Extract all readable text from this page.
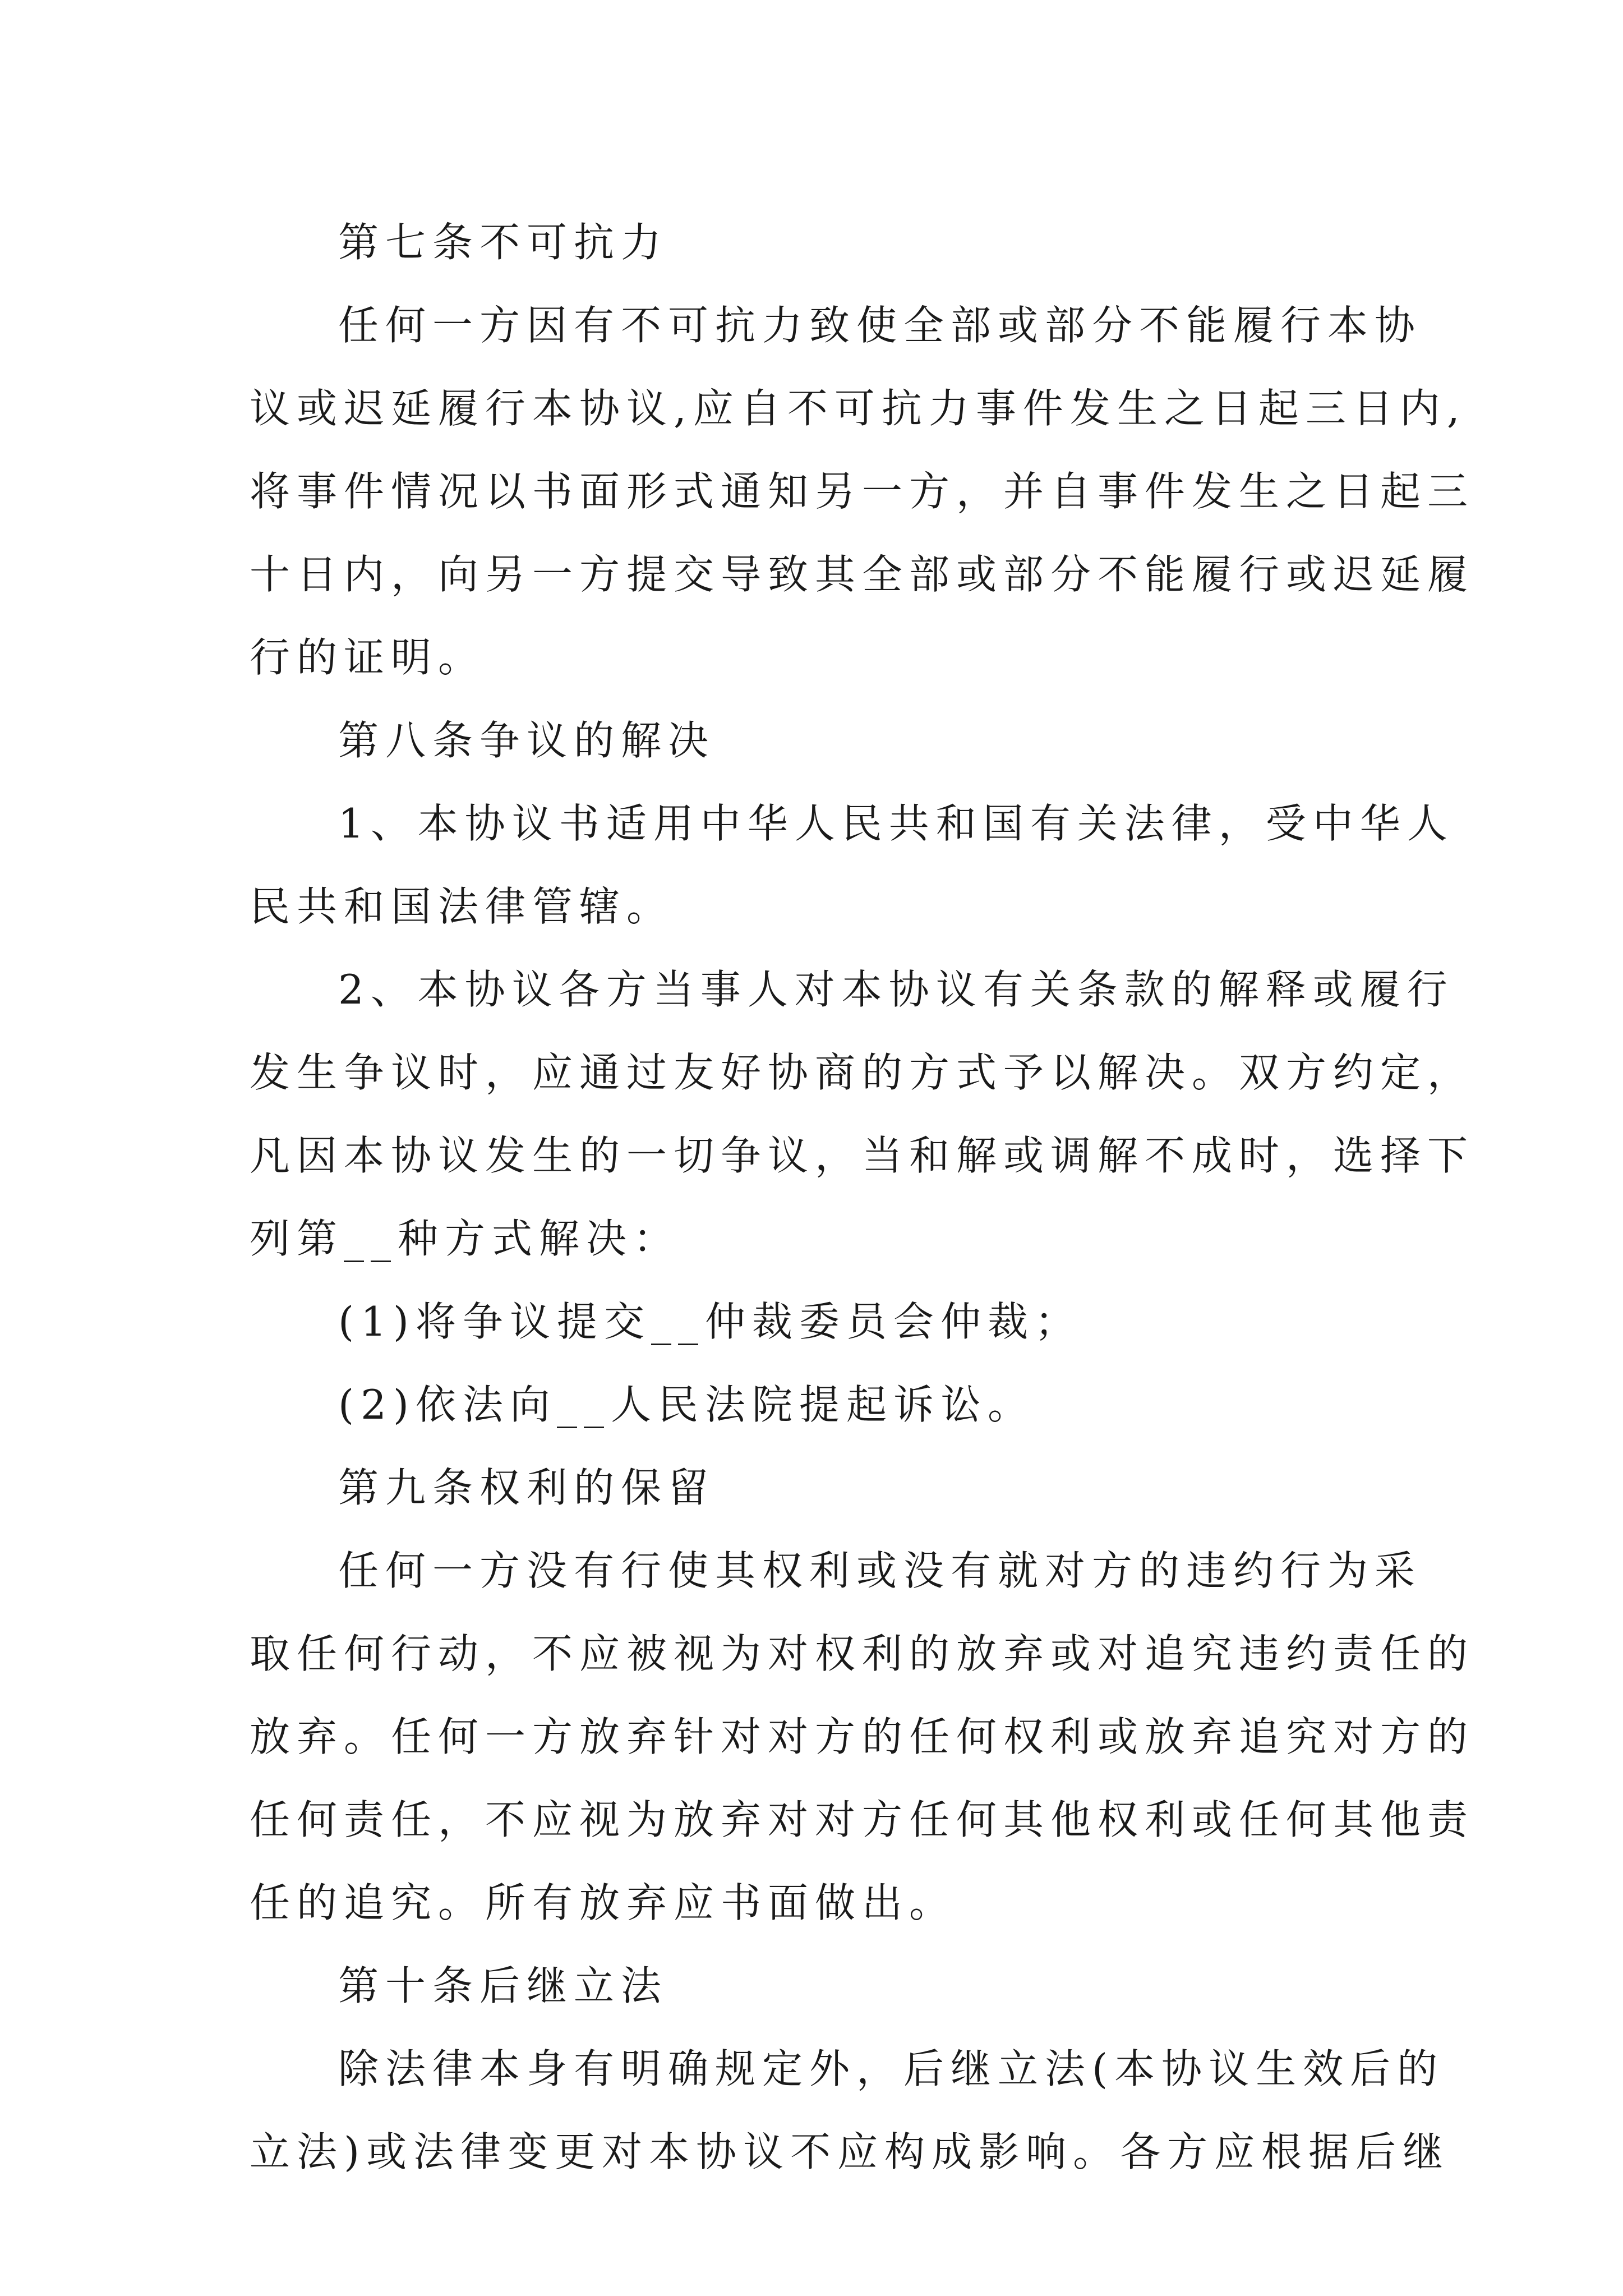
第七条不可抗力
任何一方因有不可抗力致使全部或部分不能履行本协
议或迟延履行本协议,应自不可抗力事件发生之日起三日内,
将事件情况以书面形式通知另一方，并自事件发生之日起三
十日内，向另一方提交导致其全部或部分不能履行或迟延履
行的证明。
第八条争议的解决
1、本协议书适用中华人民共和国有关法律，受中华人
民共和国法律管辖。
2、本协议各方当事人对本协议有关条款的解释或履行
发生争议时，应通过友好协商的方式予以解决。双方约定，
凡因本协议发生的一切争议，当和解或调解不成时，选择下
列第__种方式解决：
(1)将争议提交__仲裁委员会仲裁；
(2)依法向__人民法院提起诉讼。
第九条权利的保留
任何一方没有行使其权利或没有就对方的违约行为采
取任何行动，不应被视为对权利的放弃或对追究违约责任的
放弃。任何一方放弃针对对方的任何权利或放弃追究对方的
任何责任，不应视为放弃对对方任何其他权利或任何其他责
任的追究。所有放弃应书面做出。
第十条后继立法
除法律本身有明确规定外，后继立法(本协议生效后的
立法)或法律变更对本协议不应构成影响。各方应根据后继
